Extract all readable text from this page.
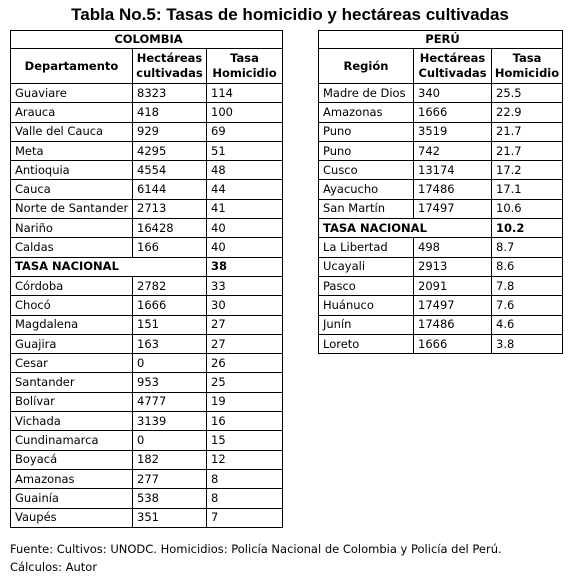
Tabla No.5: Tasas de homicidio y hectáreas cultivadas
COLOMBIA		
Departamento	Hectáreas cultivadas	Tasa Homicidio
Guaviare	8323	114
Arauca	418	100
Valle del Cauca	929	69
Meta	4295	51
Antioquia	4554	48
Cauca	6144	44
Norte de Santander	2713	41
Nariño	16428	40
Caldas	166	40
TASA NACIONAL		38
Córdoba	2782	33
Chocó	1666	30
Magdalena	151	27
Guajira	163	27
Cesar	0	26
Santander	953	25
Bolívar	4777	19
Vichada	3139	16
Cundinamarca	0	15
Boyacá	182	12
Amazonas	277	8
Guainía	538	8
Vaupés	351	7
PERÚ		
Región	Hectáreas Cultivadas	Tasa Homicidio
Madre de Dios	340	25.5
Amazonas	1666	22.9
Puno	3519	21.7
Puno	742	21.7
Cusco	13174	17.2
Ayacucho	17486	17.1
San Martín	17497	10.6
TASA NACIONAL		10.2
La Libertad	498	8.7
Ucayali	2913	8.6
Pasco	2091	7.8
Huánuco	17497	7.6
Junín	17486	4.6
Loreto	1666	3.8
Fuente: Cultivos: UNODC. Homicidios: Policía Nacional de Colombia y Policía del Perú.
Cálculos: Autor
